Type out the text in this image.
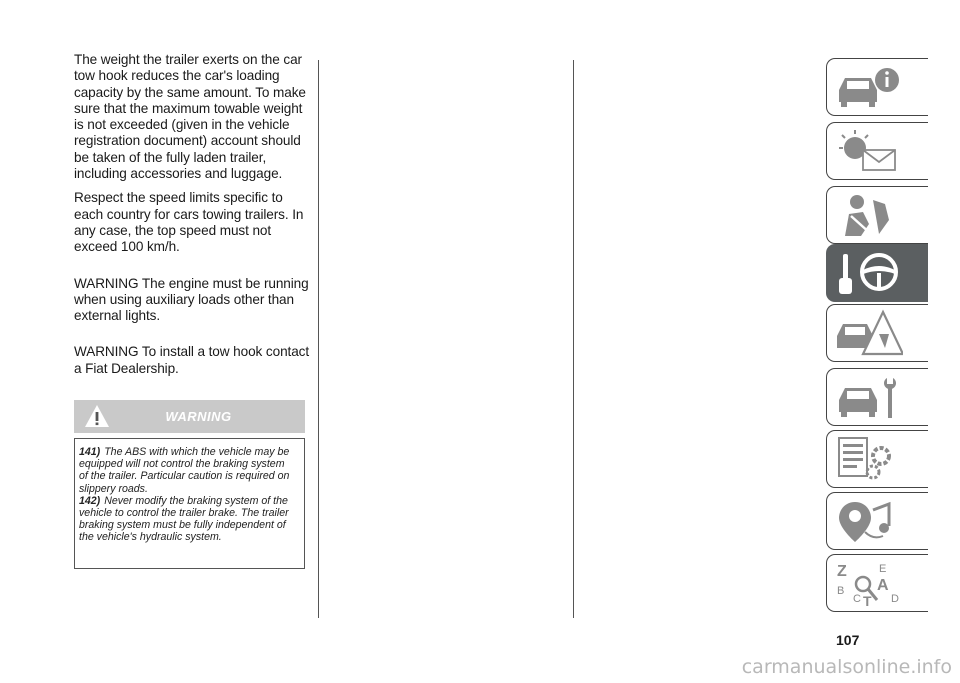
The weight the trailer exerts on the car tow hook reduces the car's loading capacity by the same amount. To make sure that the maximum towable weight is not exceeded (given in the vehicle registration document) account should be taken of the fully laden trailer, including accessories and luggage.

Respect the speed limits specific to each country for cars towing trailers. In any case, the top speed must not exceed 100 km/h.

WARNING The engine must be running when using auxiliary loads other than external lights.

WARNING To install a tow hook contact a Fiat Dealership.

WARNING

141) The ABS with which the vehicle may be equipped will not control the braking system of the trailer. Particular caution is required on slippery roads.

142) Never modify the braking system of the vehicle to control the trailer brake. The trailer braking system must be fully independent of the vehicle's hydraulic system.

Z	E
B A
C T D
107
carmanualsonline.info
